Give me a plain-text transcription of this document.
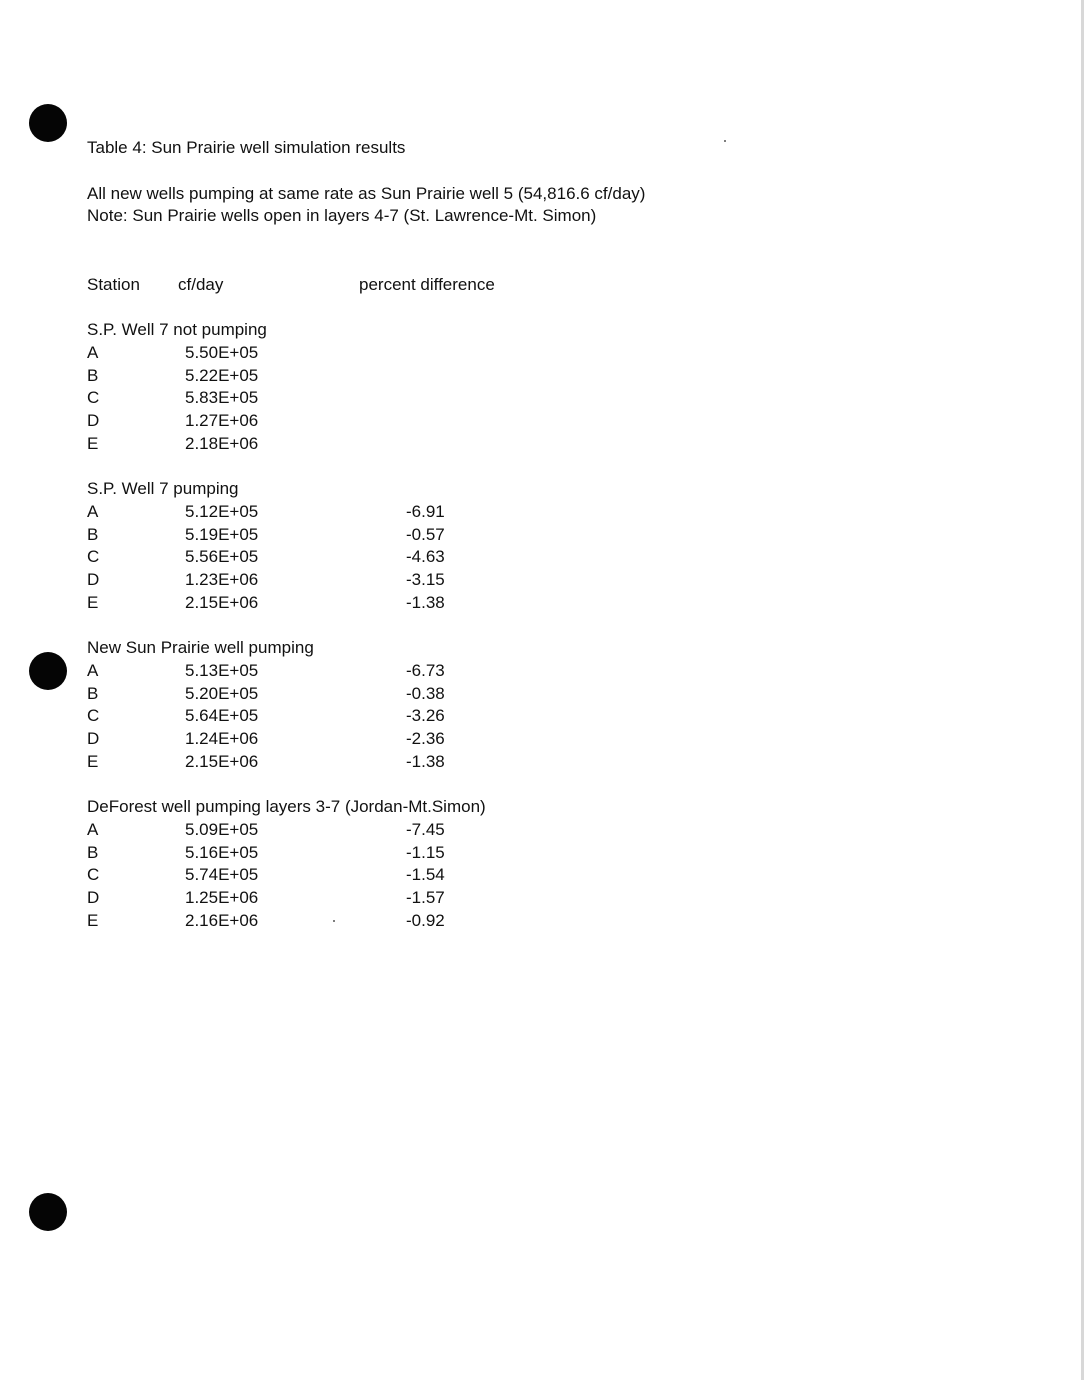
Table 4: Sun Prairie well simulation results
All new wells pumping at same rate as Sun Prairie well 5 (54,816.6 cf/day)
Note: Sun Prairie wells open in layers 4-7 (St. Lawrence-Mt. Simon)
Station cf/day	percent difference
S.P. Well 7 not pumping
A	5.50E+05
B	5.22E+05
C	5.83E+05
D	1.27E+06
E	2.18E+06
S.P. Well 7 pumping
A	5.12E+05	-6.91
B	5.19E+05	-0.57
C	5.56E+05	-4.63
D	1.23E+06	-3.15
E	2.15E+06	-1.38
New Sun Prairie well pumping
A	5.13E+05	-6.73
B	5.20E+05	-0.38
C	5.64E+05	-3.26
D	1.24E+06	-2.36
E	2.15E+06	-1.38
DeForest well pumping layers 3-7 (Jordan-Mt.Simon)
A	5.09E+05	-7.45
B	5.16E+05	-1.15
C	5.74E+05	-1.54
D	1.25E+06	-1.57
E	2.16E+06	-0.92
